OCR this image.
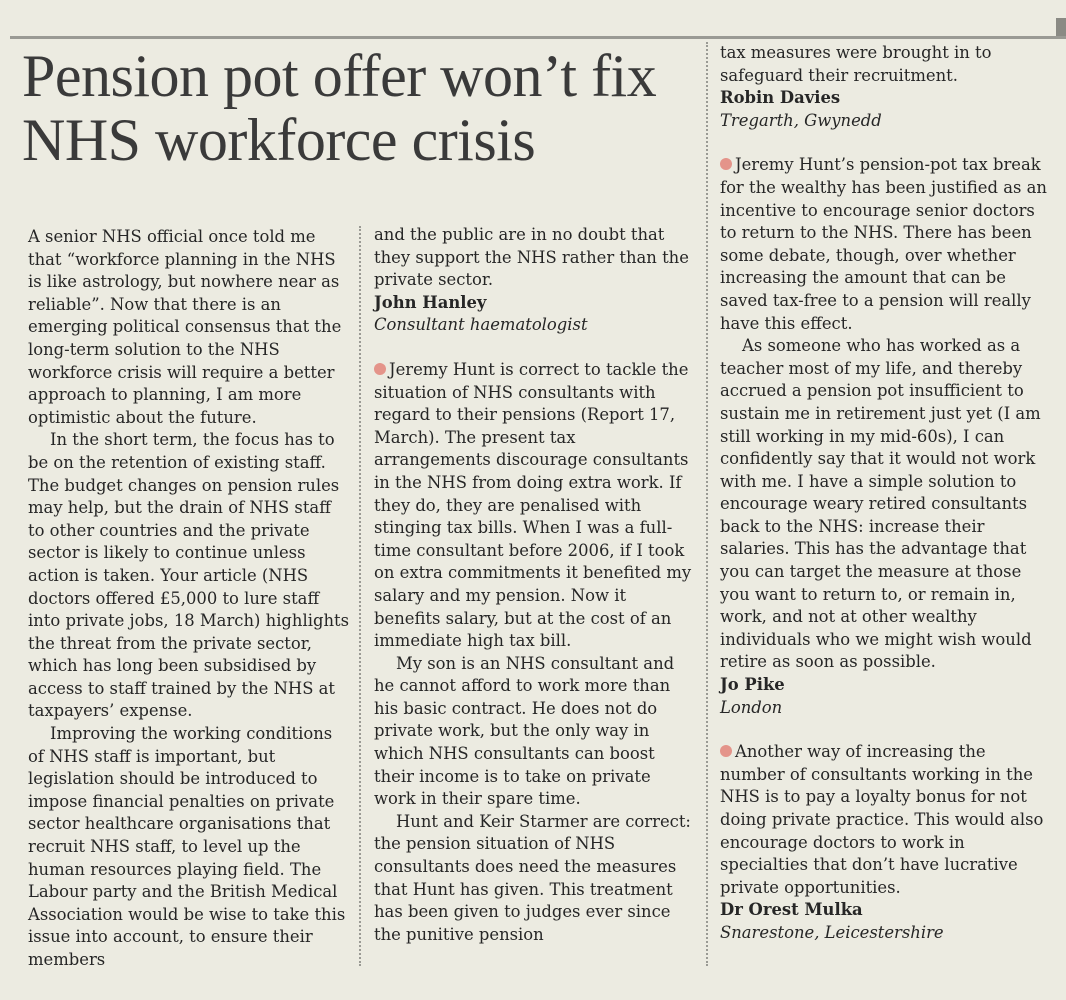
Pension pot offer won’t fix NHS workforce crisis

A senior NHS official once told me that “workforce planning in the NHS is like astrology, but nowhere near as reliable”. Now that there is an emerging political consensus that the long-term solution to the NHS workforce crisis will require a better approach to planning, I am more optimistic about the future.

In the short term, the focus has to be on the retention of existing staff. The budget changes on pension rules may help, but the drain of NHS staff to other countries and the private sector is likely to continue unless action is taken. Your article (NHS doctors offered £5,000 to lure staff into private jobs, 18 March) highlights the threat from the private sector, which has long been subsidised by access to staff trained by the NHS at taxpayers’ expense.

Improving the working conditions of NHS staff is important, but legislation should be introduced to impose financial penalties on private sector healthcare organisations that recruit NHS staff, to level up the human resources playing field. The Labour party and the British Medical Association would be wise to take this issue into account, to ensure their members

and the public are in no doubt that they support the NHS rather than the private sector.

John Hanley

Consultant haematologist

Jeremy Hunt is correct to tackle the situation of NHS consultants with regard to their pensions (Report 17, March). The present tax arrangements discourage consultants in the NHS from doing extra work. If they do, they are penalised with stinging tax bills. When I was a full-time consultant before 2006, if I took on extra commitments it benefited my salary and my pension. Now it benefits salary, but at the cost of an immediate high tax bill.

My son is an NHS consultant and he cannot afford to work more than his basic contract. He does not do private work, but the only way in which NHS consultants can boost their income is to take on private work in their spare time.

Hunt and Keir Starmer are correct: the pension situation of NHS consultants does need the measures that Hunt has given. This treatment has been given to judges ever since the punitive pension

tax measures were brought in to safeguard their recruitment.

Robin Davies

Tregarth, Gwynedd

Jeremy Hunt’s pension-pot tax break for the wealthy has been justified as an incentive to encourage senior doctors to return to the NHS. There has been some debate, though, over whether increasing the amount that can be saved tax-free to a pension will really have this effect.

As someone who has worked as a teacher most of my life, and thereby accrued a pension pot insufficient to sustain me in retirement just yet (I am still working in my mid-60s), I can confidently say that it would not work with me. I have a simple solution to encourage weary retired consultants back to the NHS: increase their salaries. This has the advantage that you can target the measure at those you want to return to, or remain in, work, and not at other wealthy individuals who we might wish would retire as soon as possible.

Jo Pike

London

Another way of increasing the number of consultants working in the NHS is to pay a loyalty bonus for not doing private practice. This would also encourage doctors to work in specialties that don’t have lucrative private opportunities.

Dr Orest Mulka

Snarestone, Leicestershire
